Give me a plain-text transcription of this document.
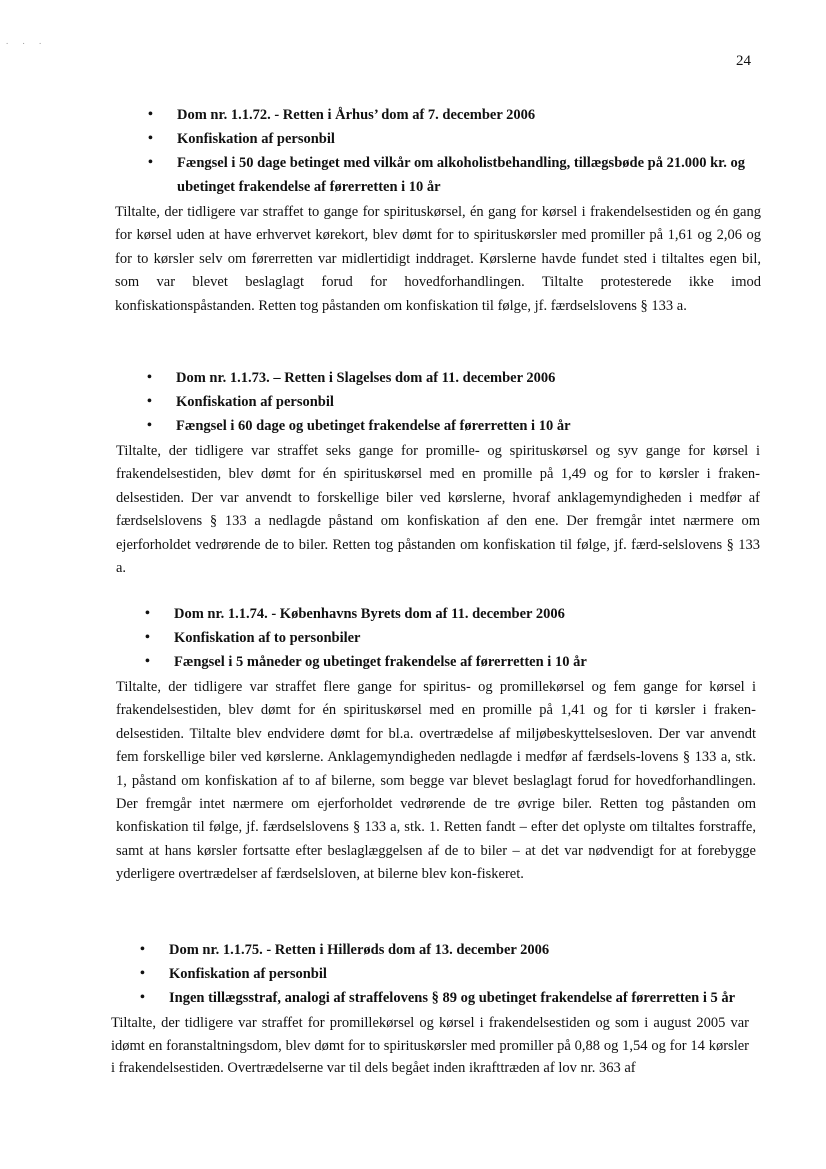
. . .
24
• Dom nr. 1.1.72. - Retten i Århus’ dom af 7. december 2006
• Konfiskation af personbil
• Fængsel i 50 dage betinget med vilkår om alkoholistbehandling, tillægsbøde på 21.000 kr. og ubetinget frakendelse af førerretten i 10 år

Tiltalte, der tidligere var straffet to gange for spirituskørsel, én gang for kørsel i frakendelsestiden og én gang for kørsel uden at have erhvervet kørekort, blev dømt for to spirituskørsler med promiller på 1,61 og 2,06 og for to kørsler selv om førerretten var midlertidigt inddraget. Kørslerne havde fundet sted i tiltaltes egen bil, som var blevet beslaglagt forud for hovedforhandlingen. Tiltalte protesterede ikke imod konfiskationspåstanden. Retten tog påstanden om konfiskation til følge, jf. færdselslovens § 133 a.

• Dom nr. 1.1.73. – Retten i Slagelses dom af 11. december 2006
• Konfiskation af personbil
• Fængsel i 60 dage og ubetinget frakendelse af førerretten i 10 år

Tiltalte, der tidligere var straffet seks gange for promille- og spirituskørsel og syv gange for kørsel i frakendelsestiden, blev dømt for én spirituskørsel med en promille på 1,49 og for to kørsler i fraken-delsestiden. Der var anvendt to forskellige biler ved kørslerne, hvoraf anklagemyndigheden i medfør af færdselslovens § 133 a nedlagde påstand om konfiskation af den ene. Der fremgår intet nærmere om ejerforholdet vedrørende de to biler. Retten tog påstanden om konfiskation til følge, jf. færd-selslovens § 133 a.

• Dom nr. 1.1.74. - Københavns Byrets dom af 11. december 2006
• Konfiskation af to personbiler
• Fængsel i 5 måneder og ubetinget frakendelse af førerretten i 10 år

Tiltalte, der tidligere var straffet flere gange for spiritus- og promillekørsel og fem gange for kørsel i frakendelsestiden, blev dømt for én spirituskørsel med en promille på 1,41 og for ti kørsler i fraken-delsestiden. Tiltalte blev endvidere dømt for bl.a. overtrædelse af miljøbeskyttelsesloven. Der var anvendt fem forskellige biler ved kørslerne. Anklagemyndigheden nedlagde i medfør af færdsels-lovens § 133 a, stk. 1, påstand om konfiskation af to af bilerne, som begge var blevet beslaglagt forud for hovedforhandlingen. Der fremgår intet nærmere om ejerforholdet vedrørende de tre øvrige biler. Retten tog påstanden om konfiskation til følge, jf. færdselslovens § 133 a, stk. 1. Retten fandt – efter det oplyste om tiltaltes forstraffe, samt at hans kørsler fortsatte efter beslaglæggelsen af de to biler – at det var nødvendigt for at forebygge yderligere overtrædelser af færdselsloven, at bilerne blev kon-fiskeret.

• Dom nr. 1.1.75. - Retten i Hillerøds dom af 13. december 2006
• Konfiskation af personbil
• Ingen tillægsstraf, analogi af straffelovens § 89 og ubetinget frakendelse af førerretten i 5 år

Tiltalte, der tidligere var straffet for promillekørsel og kørsel i frakendelsestiden og som i august 2005 var idømt en foranstaltningsdom, blev dømt for to spirituskørsler med promiller på 0,88 og 1,54 og for 14 kørsler i frakendelsestiden. Overtrædelserne var til dels begået inden ikrafttræden af lov nr. 363 af
